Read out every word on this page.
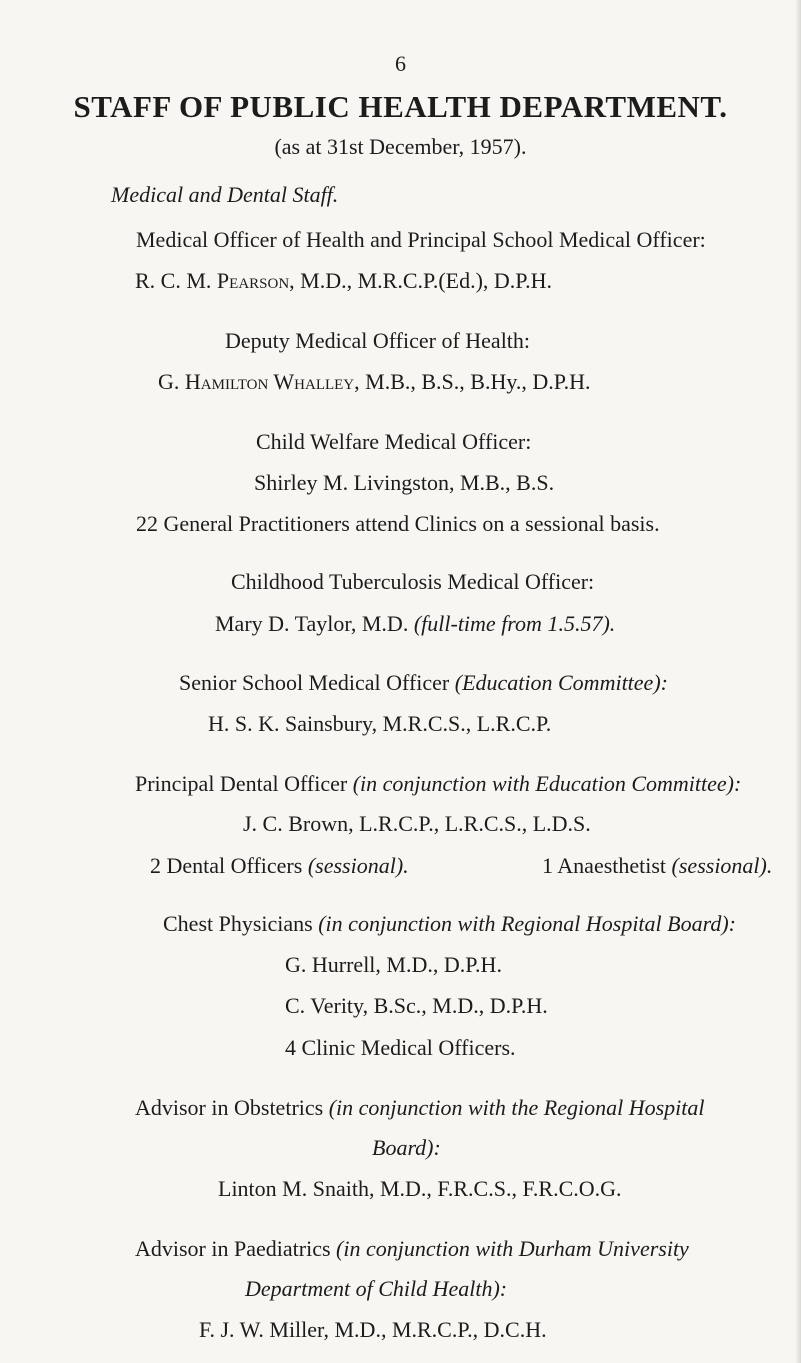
6
STAFF OF PUBLIC HEALTH DEPARTMENT.
(as at 31st December, 1957).
Medical and Dental Staff.
Medical Officer of Health and Principal School Medical Officer:
R. C. M. Pearson, M.D., M.R.C.P.(Ed.), D.P.H.
Deputy Medical Officer of Health:
G. Hamilton Whalley, M.B., B.S., B.Hy., D.P.H.
Child Welfare Medical Officer:
Shirley M. Livingston, M.B., B.S.
22 General Practitioners attend Clinics on a sessional basis.
Childhood Tuberculosis Medical Officer:
Mary D. Taylor, M.D. (full-time from 1.5.57).
Senior School Medical Officer (Education Committee):
H. S. K. Sainsbury, M.R.C.S., L.R.C.P.
Principal Dental Officer (in conjunction with Education Committee):
J. C. Brown, L.R.C.P., L.R.C.S., L.D.S.
2 Dental Officers (sessional).	1 Anaesthetist (sessional).
Chest Physicians (in conjunction with Regional Hospital Board):
G. Hurrell, M.D., D.P.H.
C. Verity, B.Sc., M.D., D.P.H.
4 Clinic Medical Officers.
Advisor in Obstetrics (in conjunction with the Regional Hospital
Board):
Linton M. Snaith, M.D., F.R.C.S., F.R.C.O.G.
Advisor in Paediatrics (in conjunction with Durham University
Department of Child Health):
F. J. W. Miller, M.D., M.R.C.P., D.C.H.
